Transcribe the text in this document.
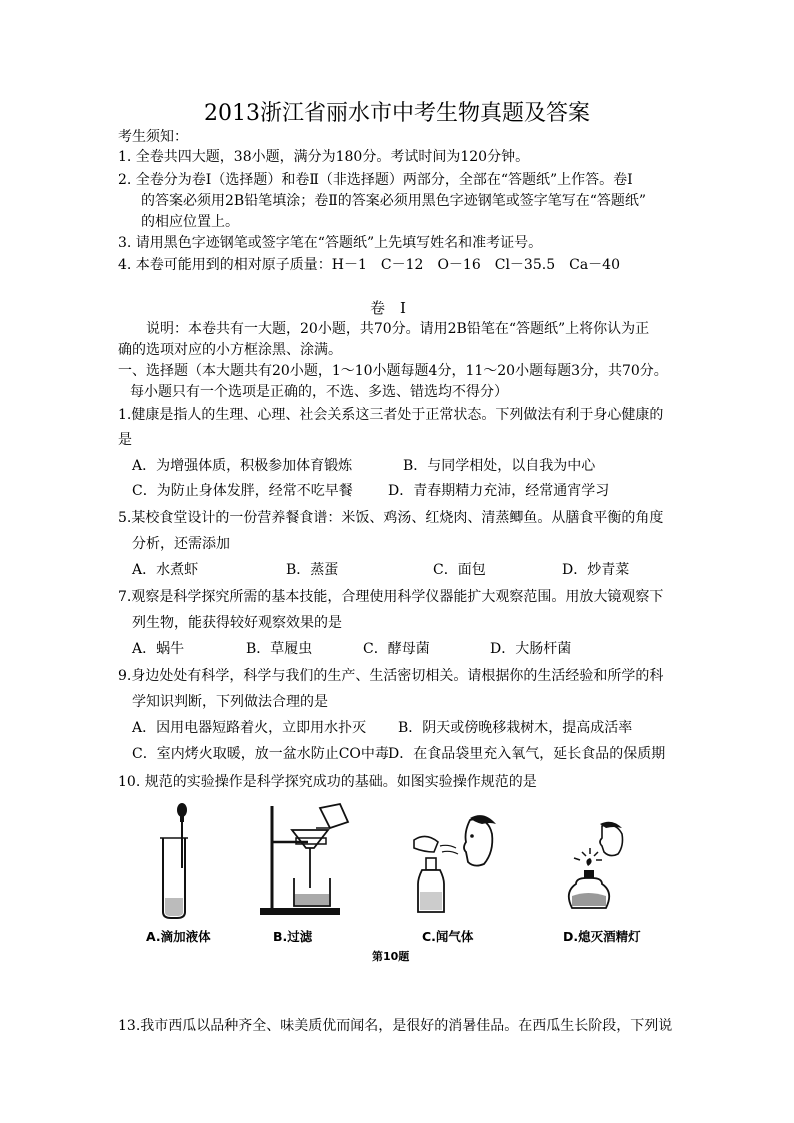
2013浙江省丽水市中考生物真题及答案
考生须知：
1. 全卷共四大题，38小题，满分为180分。考试时间为120分钟。
2. 全卷分为卷Ⅰ（选择题）和卷Ⅱ（非选择题）两部分，全部在“答题纸”上作答。卷Ⅰ
的答案必须用2B铅笔填涂；卷Ⅱ的答案必须用黑色字迹钢笔或签字笔写在“答题纸”
的相应位置上。
3. 请用黑色字迹钢笔或签字笔在“答题纸”上先填写姓名和准考证号。
4. 本卷可能用到的相对原子质量：H－1　C－12　O－16　Cl－35.5　Ca－40
卷　Ⅰ
说明：本卷共有一大题，20小题，共70分。请用2B铅笔在“答题纸”上将你认为正
确的选项对应的小方框涂黑、涂满。
一、选择题（本大题共有20小题，1～10小题每题4分，11～20小题每题3分，共70分。
每小题只有一个选项是正确的，不选、多选、错选均不得分）
1.健康是指人的生理、心理、社会关系这三者处于正常状态。下列做法有利于身心健康的
是
A．为增强体质，积极参加体育锻炼	B．与同学相处，以自我为中心
C．为防止身体发胖，经常不吃早餐	D．青春期精力充沛，经常通宵学习
5.某校食堂设计的一份营养餐食谱：米饭、鸡汤、红烧肉、清蒸鲫鱼。从膳食平衡的角度
分析，还需添加
A．水煮虾	B．蒸蛋	C．面包	D．炒青菜
7.观察是科学探究所需的基本技能，合理使用科学仪器能扩大观察范围。用放大镜观察下
列生物，能获得较好观察效果的是
A．蜗牛	B．草履虫	C．酵母菌	D．大肠杆菌
9.身边处处有科学，科学与我们的生产、生活密切相关。请根据你的生活经验和所学的科
学知识判断，下列做法合理的是
A．因用电器短路着火，立即用水扑灭 B．阴天或傍晚移栽树木，提高成活率
C．室内烤火取暖，放一盆水防止CO中毒 D．在食品袋里充入氧气，延长食品的保质期
10. 规范的实验操作是科学探究成功的基础。如图实验操作规范的是
A.滴加液体	B.过滤	C.闻气体	D.熄灭酒精灯
第10题
13.我市西瓜以品种齐全、味美质优而闻名，是很好的消暑佳品。在西瓜生长阶段，下列说
